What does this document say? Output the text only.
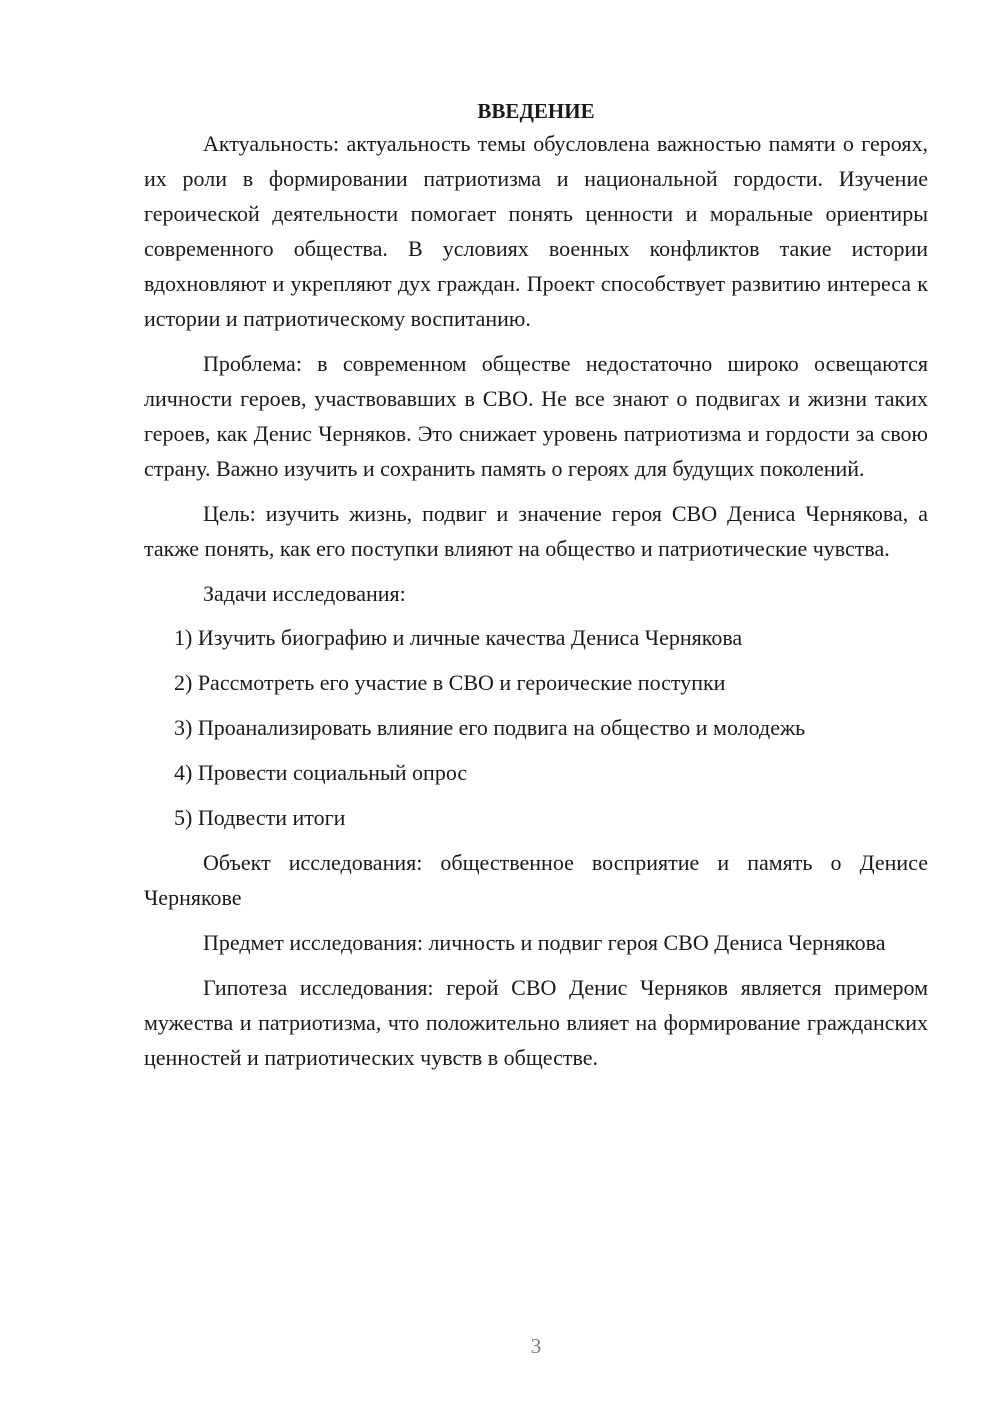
ВВЕДЕНИЕ

Актуальность: актуальность темы обусловлена важностью памяти о героях, их роли в формировании патриотизма и национальной гордости. Изучение героической деятельности помогает понять ценности и моральные ориентиры современного общества. В условиях военных конфликтов такие истории вдохновляют и укрепляют дух граждан. Проект способствует развитию интереса к истории и патриотическому воспитанию.

Проблема: в современном обществе недостаточно широко освещаются личности героев, участвовавших в СВО. Не все знают о подвигах и жизни таких героев, как Денис Черняков. Это снижает уровень патриотизма и гордости за свою страну. Важно изучить и сохранить память о героях для будущих поколений.

Цель: изучить жизнь, подвиг и значение героя СВО Дениса Чернякова, а также понять, как его поступки влияют на общество и патриотические чувства.

Задачи исследования:

1) Изучить биографию и личные качества Дениса Чернякова
2) Рассмотреть его участие в СВО и героические поступки
3) Проанализировать влияние его подвига на общество и молодежь
4) Провести социальный опрос
5) Подвести итоги

Объект исследования: общественное восприятие и память о Денисе Чернякове

Предмет исследования: личность и подвиг героя СВО Дениса Чернякова

Гипотеза исследования: герой СВО Денис Черняков является примером мужества и патриотизма, что положительно влияет на формирование гражданских ценностей и патриотических чувств в обществе.

3
